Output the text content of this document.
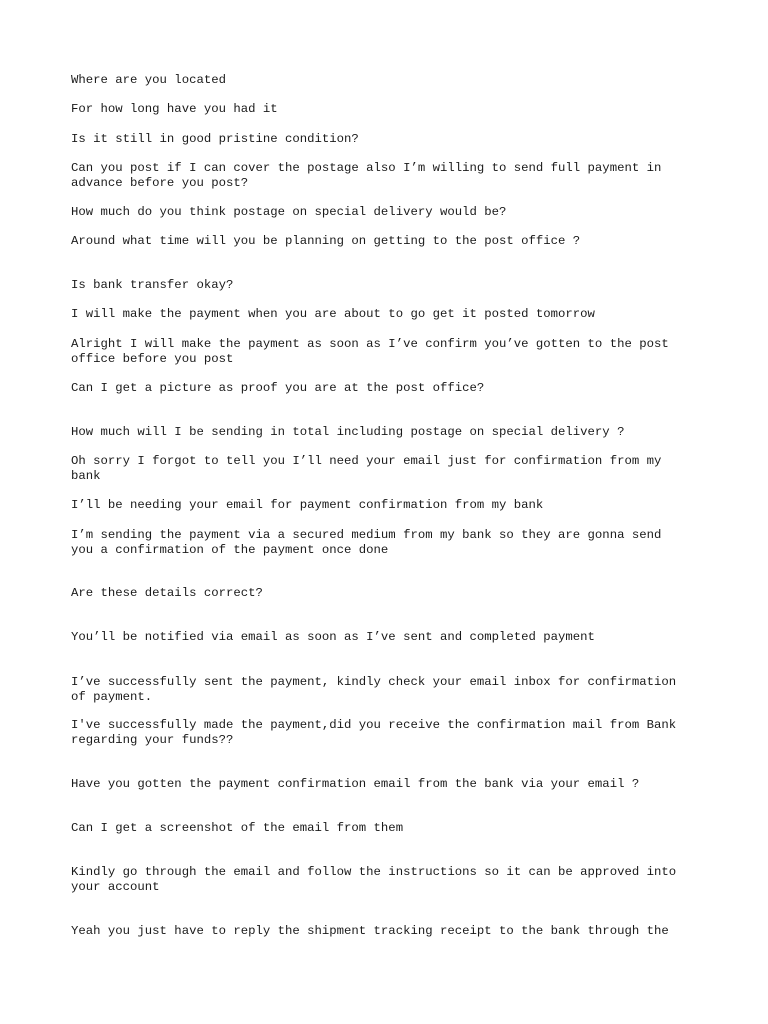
Where are you located

For how long have you had it

Is it still in good pristine condition?

Can you post if I can cover the postage also I’m willing to send full payment in
advance before you post?

How much do you think postage on special delivery would be?

Around what time will you be planning on getting to the post office ?

Is bank transfer okay?

I will make the payment when you are about to go get it posted tomorrow

Alright I will make the payment as soon as I’ve confirm you’ve gotten to the post
office before you post

Can I get a picture as proof you are at the post office?

How much will I be sending in total including postage on special delivery ?

Oh sorry I forgot to tell you I’ll need your email just for confirmation from my
bank

I’ll be needing your email for payment confirmation from my bank

I’m sending the payment via a secured medium from my bank so they are gonna send
you a confirmation of the payment once done

Are these details correct?

You’ll be notified via email as soon as I’ve sent and completed payment

I’ve successfully sent the payment, kindly check your email inbox for confirmation
of payment.

I've successfully made the payment,did you receive the confirmation mail from Bank
regarding your funds??

Have you gotten the payment confirmation email from the bank via your email ?

Can I get a screenshot of the email from them

Kindly go through the email and follow the instructions so it can be approved into
your account

Yeah you just have to reply the shipment tracking receipt to the bank through the
